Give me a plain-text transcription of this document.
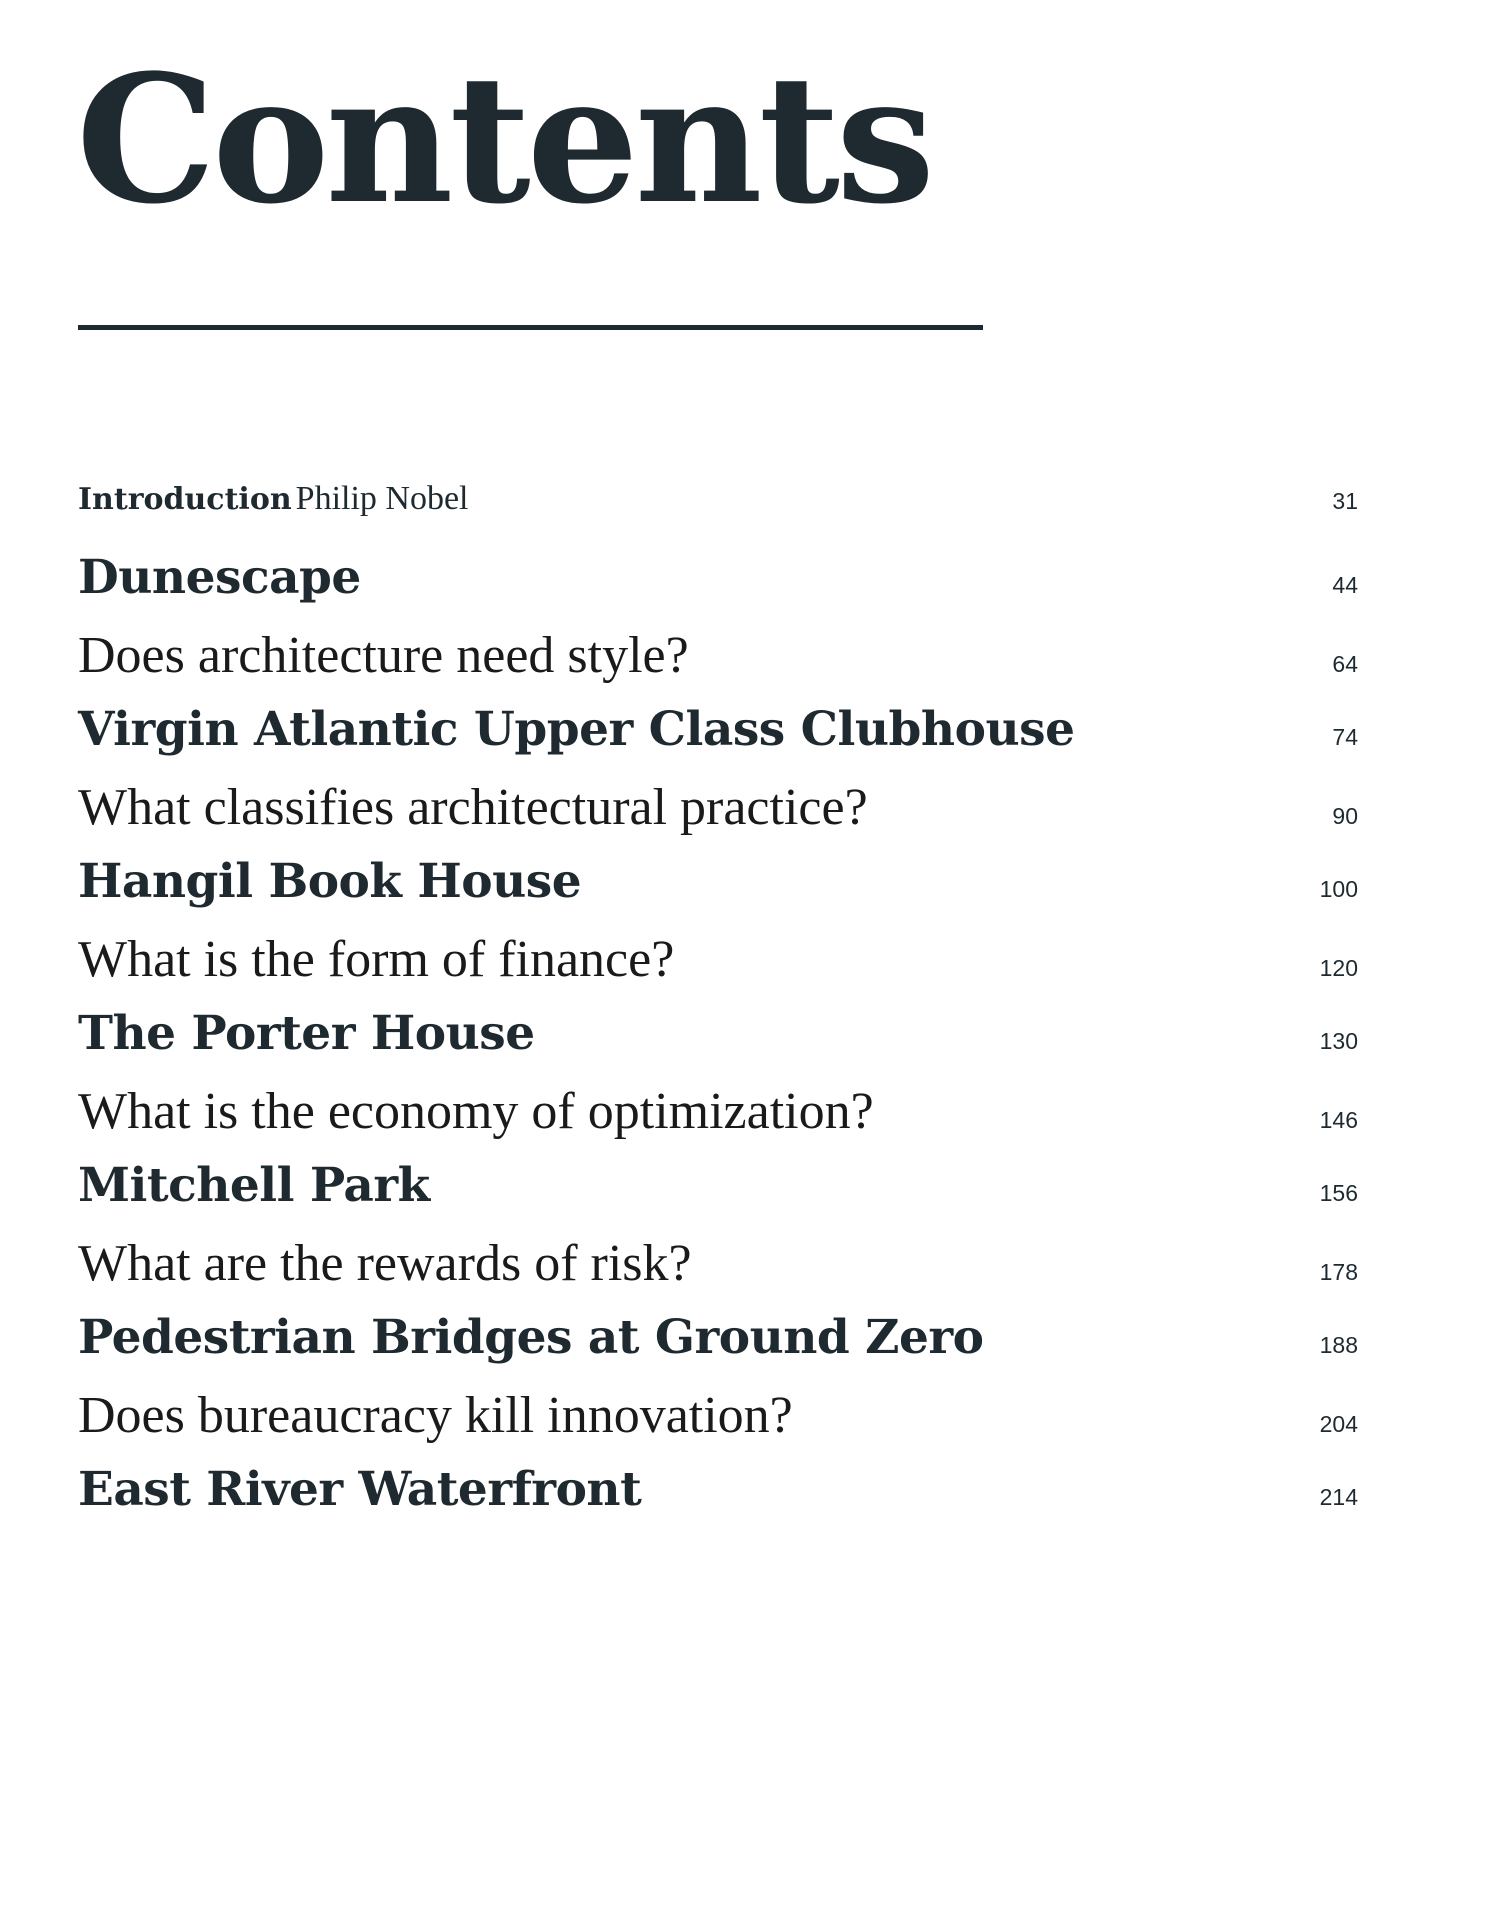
Contents
Introduction Philip Nobel	31
Dunescape	44
Does architecture need style?	64
Virgin Atlantic Upper Class Clubhouse	74
What classifies architectural practice?	90
Hangil Book House	100
What is the form of finance?	120
The Porter House	130
What is the economy of optimization?	146
Mitchell Park	156
What are the rewards of risk?	178
Pedestrian Bridges at Ground Zero	188
Does bureaucracy kill innovation?	204
East River Waterfront	214
